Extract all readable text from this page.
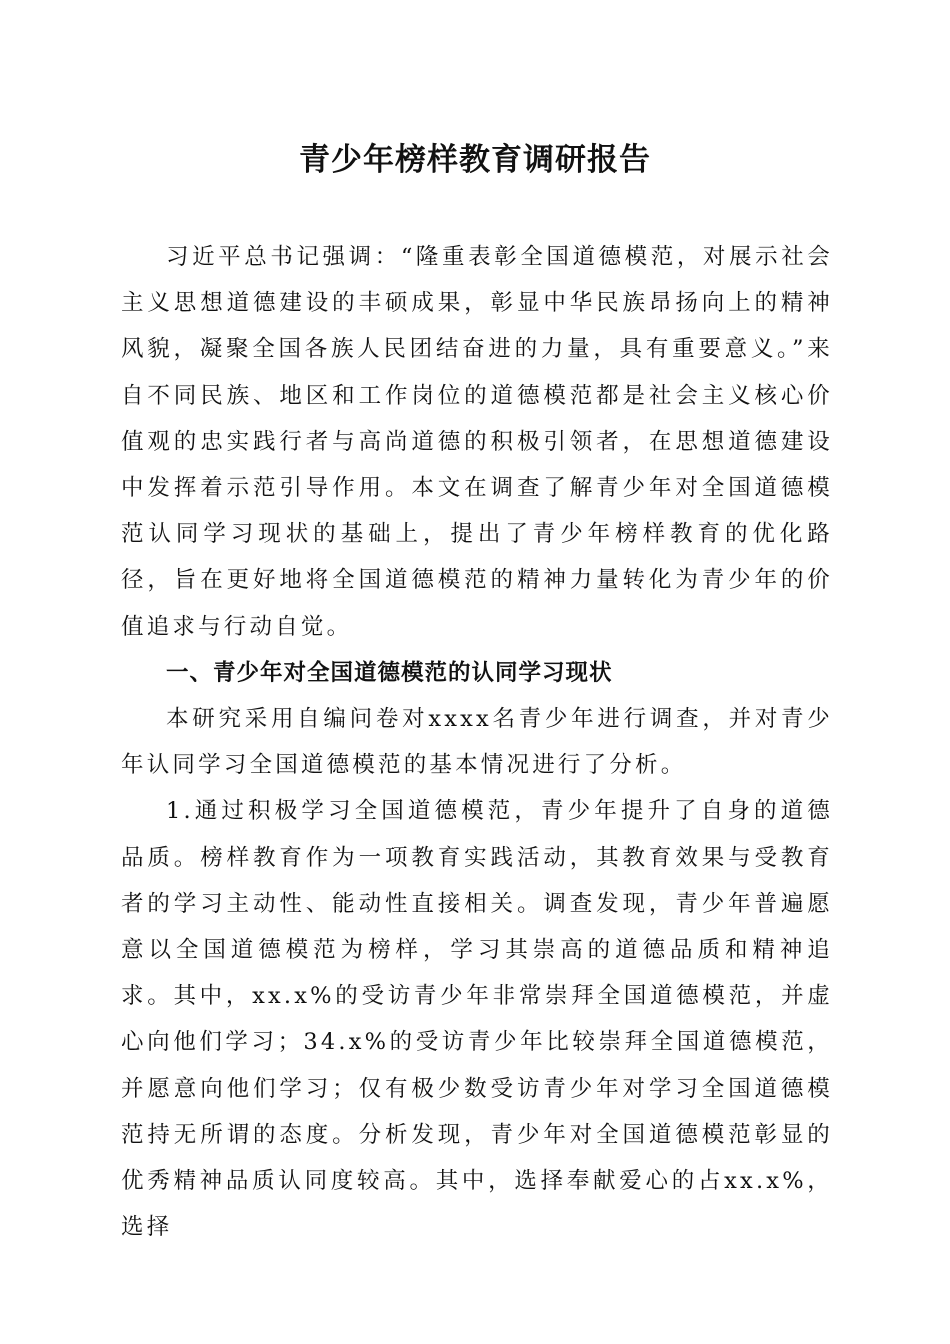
青少年榜样教育调研报告

习近平总书记强调：“隆重表彰全国道德模范，对展示社会主义思想道德建设的丰硕成果，彰显中华民族昂扬向上的精神风貌，凝聚全国各族人民团结奋进的力量，具有重要意义。”来自不同民族、地区和工作岗位的道德模范都是社会主义核心价值观的忠实践行者与高尚道德的积极引领者，在思想道德建设中发挥着示范引导作用。本文在调查了解青少年对全国道德模范认同学习现状的基础上，提出了青少年榜样教育的优化路径，旨在更好地将全国道德模范的精神力量转化为青少年的价值追求与行动自觉。

一、青少年对全国道德模范的认同学习现状

本研究采用自编问卷对xxxx名青少年进行调查，并对青少年认同学习全国道德模范的基本情况进行了分析。

1.通过积极学习全国道德模范，青少年提升了自身的道德品质。榜样教育作为一项教育实践活动，其教育效果与受教育者的学习主动性、能动性直接相关。调查发现，青少年普遍愿意以全国道德模范为榜样，学习其崇高的道德品质和精神追求。其中，xx.x%的受访青少年非常崇拜全国道德模范，并虚心向他们学习；34.x%的受访青少年比较崇拜全国道德模范，并愿意向他们学习；仅有极少数受访青少年对学习全国道德模范持无所谓的态度。分析发现，青少年对全国道德模范彰显的优秀精神品质认同度较高。其中，选择奉献爱心的占xx.x%，选择
